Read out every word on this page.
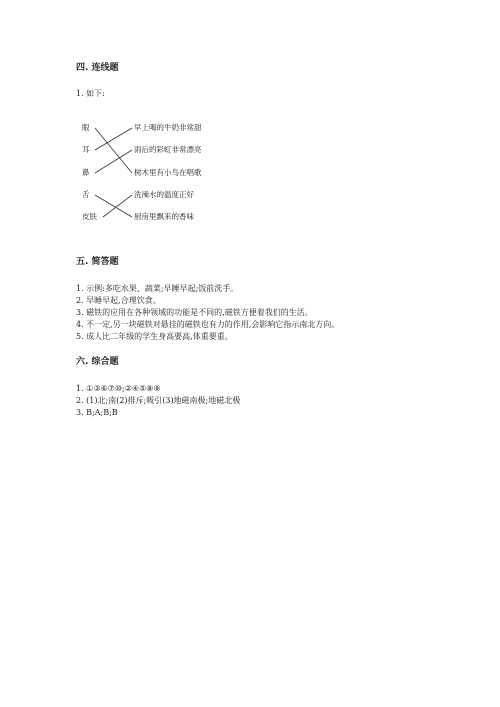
四. 连线题
1. 如下:
眼
耳
鼻
舌
皮肤
早上喝的牛奶非常甜
雨后的彩虹非常漂亮
树木里有小鸟在唱歌
洗澡水的温度正好
厨房里飘来的香味
五. 简答题
1. 示例:多吃水果、蔬菜;早睡早起;饭前洗手。
2. 早睡早起,合理饮食。
3. 磁铁的应用在各种领域的功能是不同的,磁铁方便着我们的生活。
4. 不一定,另一块磁铁对悬挂的磁铁也有力的作用,会影响它指示南北方向。
5. 成人比二年级的学生身高要高,体重要重。
六. 综合题
1. ①③⑥⑦⑩;②④⑤⑧⑨
2. (1)北;南(2)排斥;吸引(3)地磁南极;地磁北极
3. B;A;B;B
